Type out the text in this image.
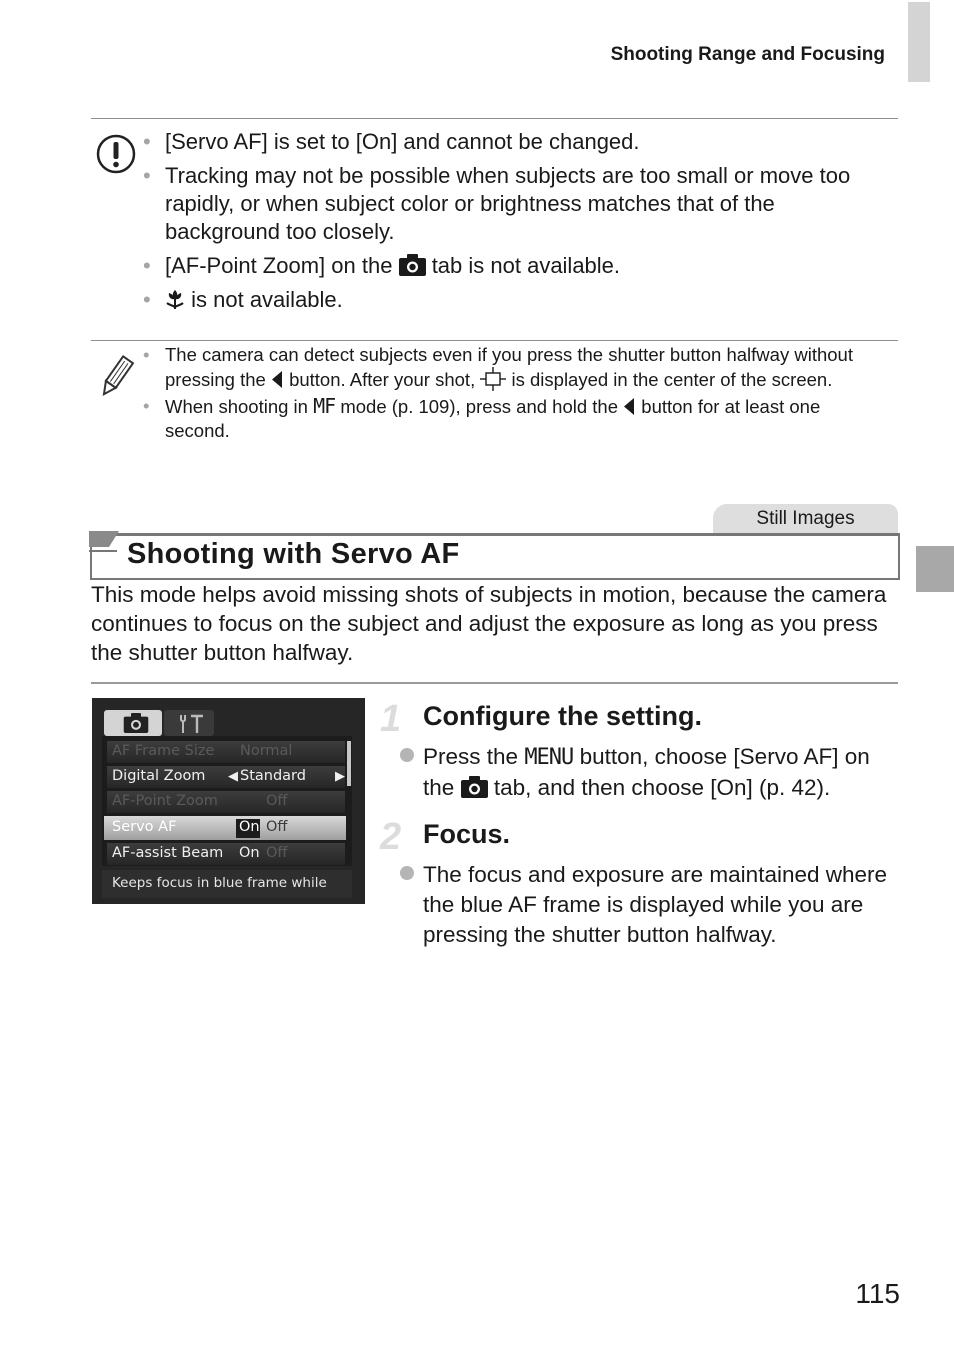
Shooting Range and Focusing
• [Servo AF] is set to [On] and cannot be changed.
• Tracking may not be possible when subjects are too small or move too rapidly, or when subject color or brightness matches that of the background too closely.
• [AF-Point Zoom] on the tab is not available.
• is not available.
• The camera can detect subjects even if you press the shutter button halfway without pressing the button. After your shot, is displayed in the center of the screen.
• When shooting in MF mode (p. 109), press and hold the button for at least one second.
Still Images
Shooting with Servo AF
This mode helps avoid missing shots of subjects in motion, because the camera continues to focus on the subject and adjust the exposure as long as you press the shutter button halfway.
AF Frame Size Normal
Digital Zoom ◀ Standard ▶
AF-Point Zoom	Off
Servo AF	On Off
AF-assist Beam On Off
Keeps focus in blue frame while
1 Configure the setting.
Press the MENU button, choose [Servo AF] on the tab, and then choose [On] (p. 42).
2 Focus.
The focus and exposure are maintained where the blue AF frame is displayed while you are pressing the shutter button halfway.
115
